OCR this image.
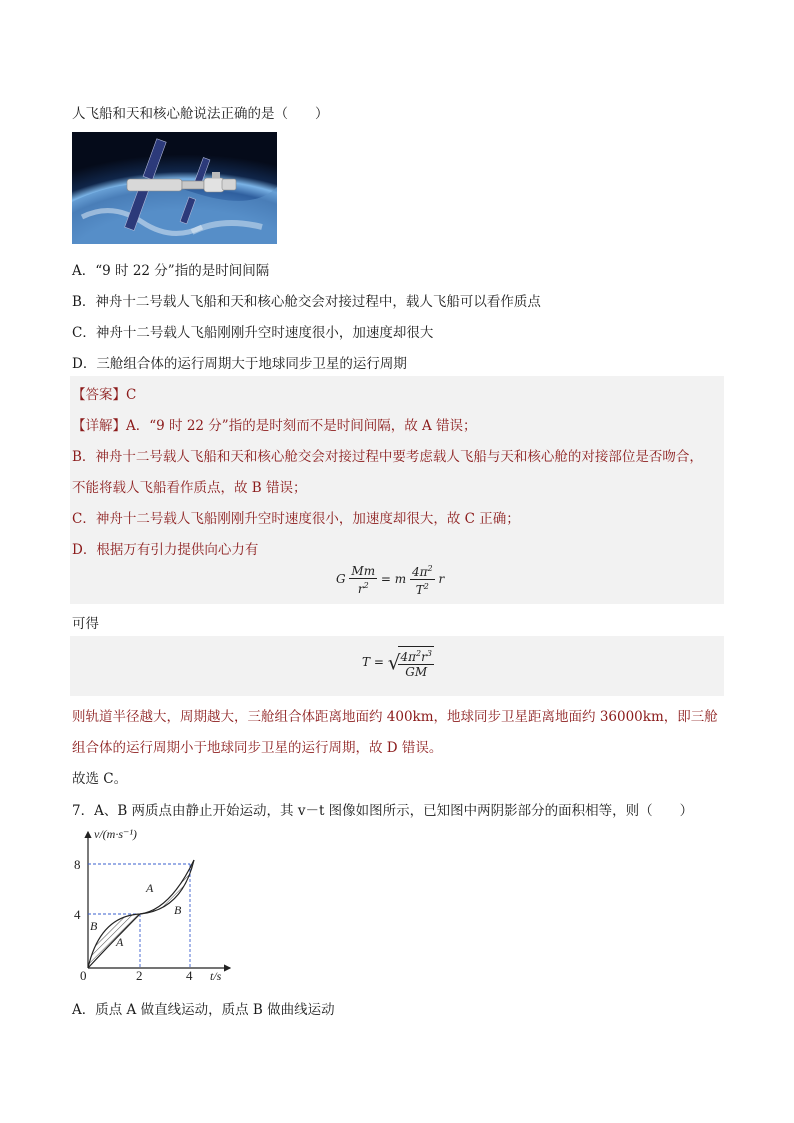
人飞船和天和核心舱说法正确的是（　　）
A．“9 时 22 分”指的是时间间隔
B．神舟十二号载人飞船和天和核心舱交会对接过程中，载人飞船可以看作质点
C．神舟十二号载人飞船刚刚升空时速度很小，加速度却很大
D．三舱组合体的运行周期大于地球同步卫星的运行周期
【答案】C
【详解】A．“9 时 22 分”指的是时刻而不是时间间隔，故 A 错误；
B．神舟十二号载人飞船和天和核心舱交会对接过程中要考虑载人飞船与天和核心舱的对接部位是否吻合，
不能将载人飞船看作质点，故 B 错误；
C．神舟十二号载人飞船刚刚升空时速度很小，加速度却很大，故 C 正确；
D．根据万有引力提供向心力有
G $\frac{Mm}{r^2} = m \frac{4\pi^2}{T^2}$ r
可得
T = √
$\frac{4\pi^2r^3}{GM}$
则轨道半径越大，周期越大，三舱组合体距离地面约 400km，地球同步卫星距离地面约 36000km，即三舱
组合体的运行周期小于地球同步卫星的运行周期，故 D 错误。
故选 C。
7．A、B 两质点由静止开始运动，其 v－t 图像如图所示，已知图中两阴影部分的面积相等，则（　　）
v/(m·s⁻¹)
t/s
8
4
0	2	4
A
B
B
A
A．质点 A 做直线运动，质点 B 做曲线运动
